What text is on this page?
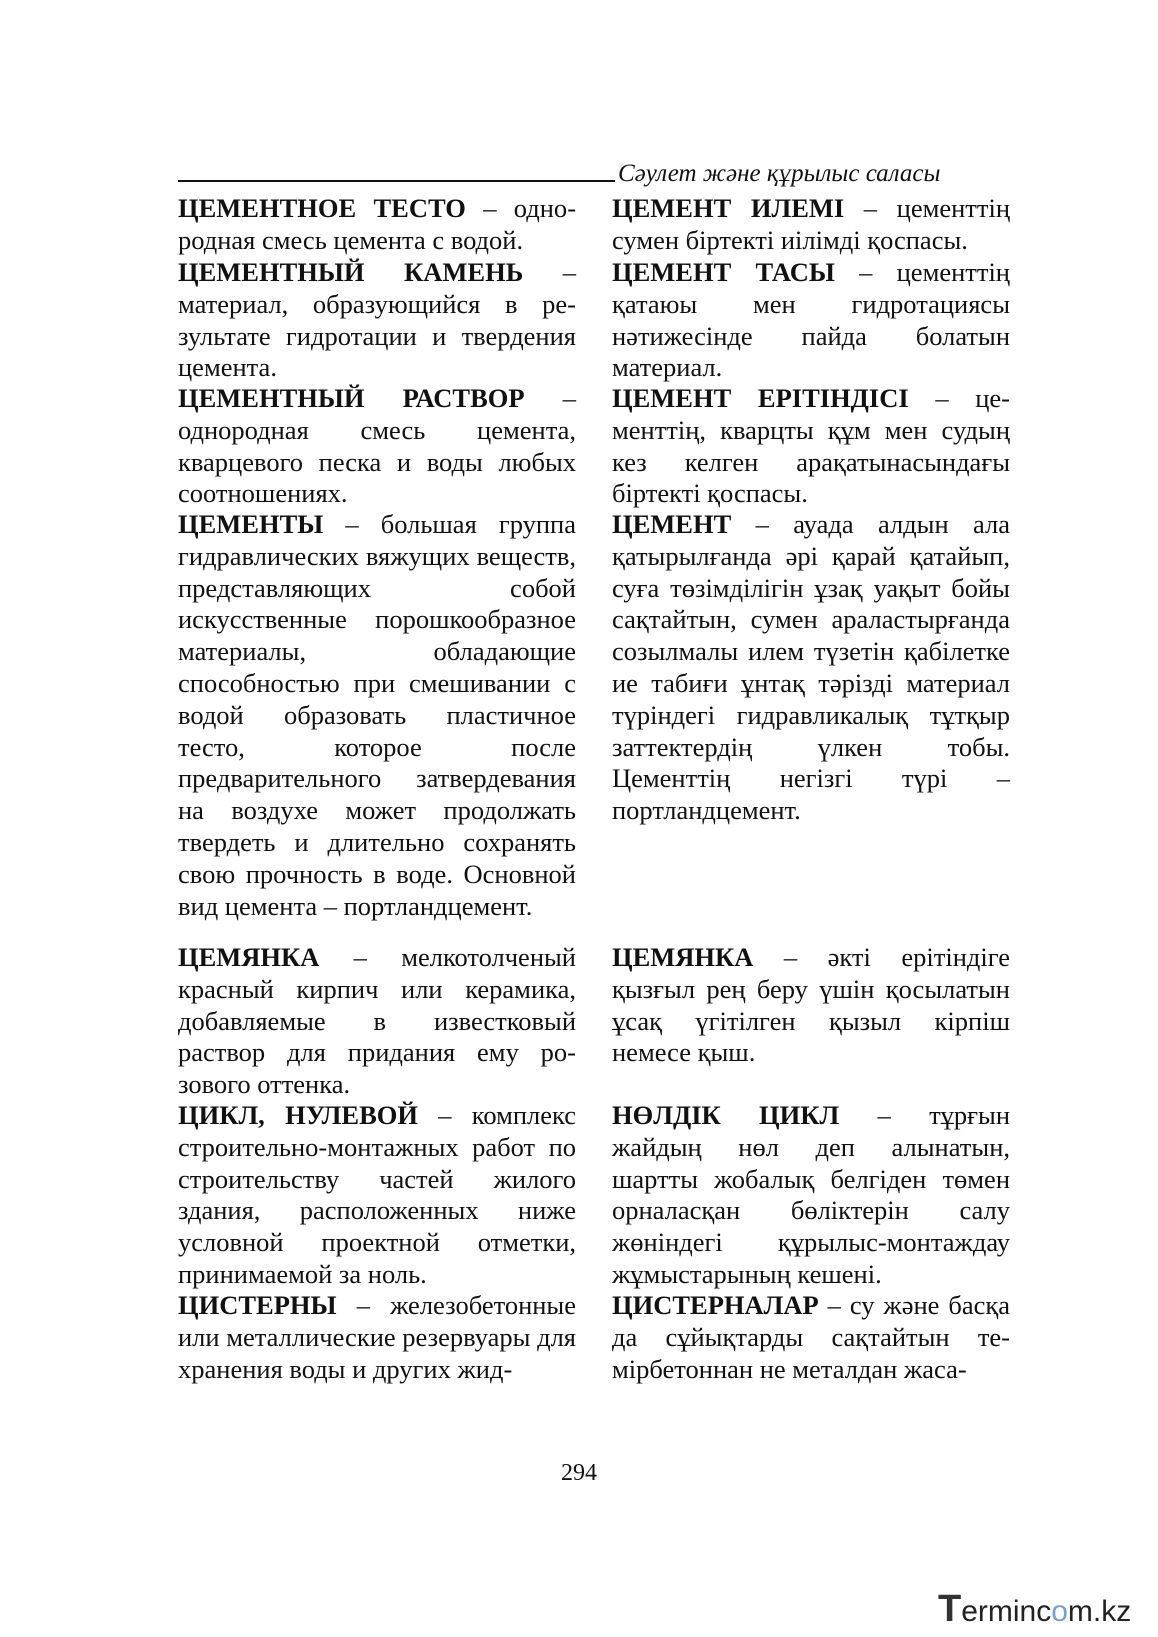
Сәулет және құрылыс саласы

ЦЕМЕНТНОЕ ТЕСТО – однородная смесь цемента с водой.

ЦЕМЕНТНЫЙ КАМЕНЬ – материал, образующийся в результате гидротации и твердения цемента.

ЦЕМЕНТНЫЙ РАСТВОР – однородная смесь цемента, кварцевого песка и воды любых соотношениях.

ЦЕМЕНТЫ – большая группа гидравлических вяжущих веществ, представляющих собой искусственные порошкообразное материалы, обладающие способностью при смешивании с водой образовать пластичное тесто, которое после предварительного затвердевания на воздухе может продолжать твердеть и длительно сохранять свою прочность в воде. Основной вид цемента – портландцемент.

ЦЕМЯНКА – мелкотолченый красный кирпич или керамика, добавляемые в известковый раствор для придания ему розового оттенка.

ЦИКЛ, НУЛЕВОЙ – комплекс строительно-монтажных работ по строительству частей жилого здания, расположенных ниже условной проектной отметки, принимаемой за ноль.

ЦИСТЕРНЫ – железобетонные или металлические резервуары для хранения воды и других жид-

ЦЕМЕНТ ИЛЕМІ – цементтің сумен біртекті иілімді қоспасы.

ЦЕМЕНТ ТАСЫ – цементтің қатаюы мен гидротациясы нәтижесінде пайда болатын материал.

ЦЕМЕНТ ЕРІТІНДІСІ – цементтің, кварцты құм мен судың кез келген арақатынасындағы біртекті қоспасы.

ЦЕМЕНТ – ауада алдын ала қатырылғанда әрі қарай қатайып, суға төзімділігін ұзақ уақыт бойы сақтайтын, сумен араластырғанда созылмалы илем түзетін қабілетке ие табиғи ұнтақ тәрізді материал түріндегі гидравликалық тұтқыр заттектердің үлкен тобы. Цементтің негізгі түрі – портландцемент.

ЦЕМЯНКА – әкті ерітіндіге қызғыл рең беру үшін қосылатын ұсақ үгітілген қызыл кірпіш немесе қыш.

НӨЛДІК ЦИКЛ – тұрғын жайдың нөл деп алынатын, шартты жобалық белгіден төмен орналасқан бөліктерін салу жөніндегі құрылыс-монтаждау жұмыстарының кешені.

ЦИСТЕРНАЛАР – су және басқа да сұйықтарды сақтайтын темірбетоннан не металдан жаса-

294
Termincom.kz
